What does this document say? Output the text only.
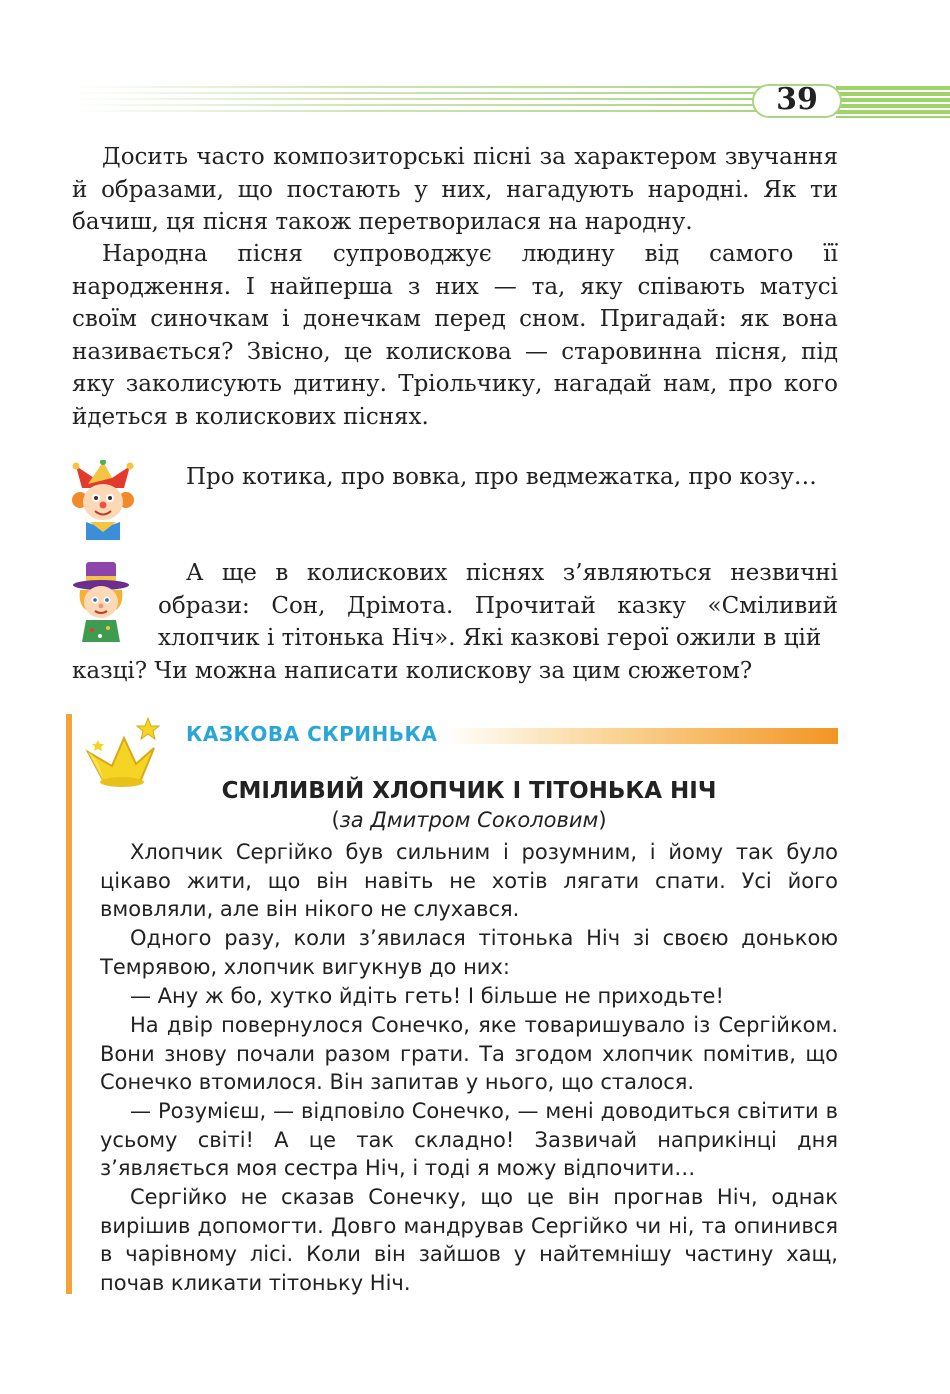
39

Досить часто композиторські пісні за характером звучання й образами, що постають у них, нагадують народні. Як ти бачиш, ця пісня також перетворилася на народну.

Народна пісня супроводжує людину від самого її народження. І найперша з них — та, яку співають матусі своїм синочкам і донечкам перед сном. Пригадай: як вона називається? Звісно, це колискова — старовинна пісня, під яку заколисують дитину. Тріольчику, нагадай нам, про кого йдеться в колискових піснях.

Про котика, про вовка, про ведмежатка, про козу…

А ще в колискових піснях з’являються незвичні образи: Сон, Дрімота. Прочитай казку «Сміливий хлопчик і тітонька Ніч». Які казкові герої ожили в цій
казці? Чи можна написати колискову за цим сюжетом?

КАЗКОВА СКРИНЬКА
СМІЛИВИЙ ХЛОПЧИК І ТІТОНЬКА НІЧ
(за Дмитром Соколовим)

Хлопчик Сергійко був сильним і розумним, і йому так було цікаво жити, що він навіть не хотів лягати спати. Усі його вмовляли, але він нікого не слухався.

Одного разу, коли з’явилася тітонька Ніч зі своєю донькою Темрявою, хлопчик вигукнув до них:

— Ану ж бо, хутко йдіть геть! І більше не приходьте!

На двір повернулося Сонечко, яке товаришувало із Сергійком. Вони знову почали разом грати. Та згодом хлопчик помітив, що Сонечко втомилося. Він запитав у нього, що сталося.

— Розумієш, — відповіло Сонечко, — мені доводиться світити в усьому світі! А це так складно! Зазвичай наприкінці дня з’являється моя сестра Ніч, і тоді я можу відпочити…

Сергійко не сказав Сонечку, що це він прогнав Ніч, однак вирішив допомогти. Довго мандрував Сергійко чи ні, та опинився в чарівному лісі. Коли він зайшов у найтемнішу частину хащ, почав кликати тітоньку Ніч.
